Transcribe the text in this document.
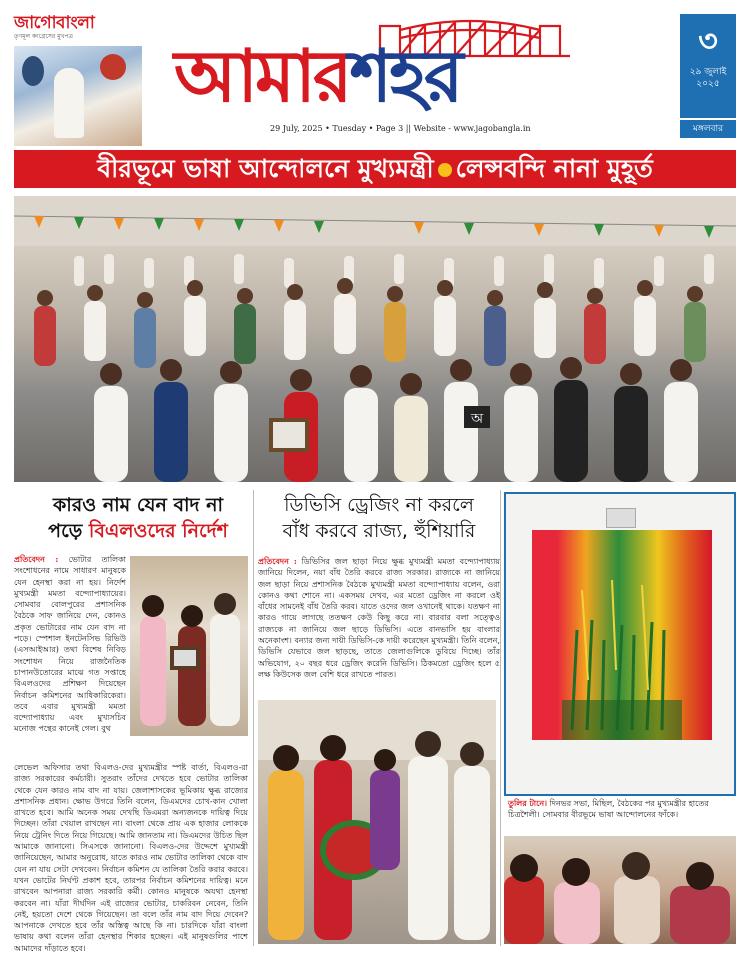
জাগোবাংলা
তৃণমূল কংগ্রেসের মুখপত্র	আমারশহর
29 July, 2025 • Tuesday • Page 3 || Website - www.jagobangla.in
৩
২৯ জুলাই
২০২৫
মঙ্গলবার
বীরভূমে ভাষা আন্দোলনে মুখ্যমন্ত্রী লেন্সবন্দি নানা মুহূর্ত
অ
কারও নাম যেন বাদ না
পড়ে বিএলওদের নির্দেশ
প্রতিবেদন : ভোটার তালিকা সংশোধনের নামে সাধারণ মানুষকে যেন হেনস্থা করা না হয়। নির্দেশ মুখ্যমন্ত্রী মমতা বন্দ্যোপাধ্যায়ের। সোমবার বোলপুরের প্রশাসনিক বৈঠকে সাফ জানিয়ে দেন, কোনও প্রকৃত ভোটারের নাম যেন বাদ না পড়ে। স্পেশাল ইনটেনসিভ রিভিউ (এসআইআর) তথা বিশেষ নিবিড় সংশোধন নিয়ে রাজনৈতিক চাপানউতোরের মাঝে গত সপ্তাহে বিএলওদের প্রশিক্ষণ দিয়েছেন নির্বাচন কমিশনের আধিকারিকেরা। তবে এবার মুখ্যমন্ত্রী মমতা বন্দ্যোপাধ্যায় এবং মুখ্যসচিব মনোজ পন্থের কানেই গেল। বুথ
লেভেল অফিসার তথা বিএলও-দের মুখ্যমন্ত্রীর স্পষ্ট বার্তা, বিএলও-রা রাজ্য সরকারের কর্মচারী। সুতরাং তাঁদের দেখতে হবে ভোটার তালিকা থেকে যেন কারও নাম বাদ না যায়। জেলাশাসকের ভূমিকায় ক্ষুব্ধ রাজ্যের প্রশাসনিক প্রধান। ক্ষোভ উগরে তিনি বলেন, ডিএমদের চোখ-কান খোলা রাখতে হবে। আমি অনেক সময় দেখছি ডিএমরা অন্যজনকে দায়িত্ব দিয়ে দিচ্ছেন। তাঁরা খেয়াল রাখছেন না। বাংলা থেকে প্রায় এক হাজার লোককে নিয়ে ট্রেনিং দিতে নিয়ে গিয়েছে। আমি জানতাম না। ডিএমদের উচিত ছিল আমাকে জানানো। সিএসকে জানানো। বিএলও-দের উদ্দেশে মুখ্যমন্ত্রী জানিয়েছেন, আমার অনুরোধ, যাতে কারও নাম ভোটার তালিকা থেকে বাদ যেন না যায় সেটা দেখবেন। নির্বাচন কমিশন যে তালিকা তৈরি করার করবে। যখন ভোটের নির্ঘণ্ট প্রকাশ হবে, তারপর নির্বাচন কমিশনের দায়িত্ব। মনে রাখবেন আপনারা রাজ্য সরকারি কর্মী। কোনও মানুষকে অযথা হেনস্থা করবেন না। যাঁরা দীর্ঘদিন এই রাজ্যের ভোটার, চাকরিবন নেবেন, তিনি নেই, হয়তো দেশে থেকে গিয়েছেন। তা বলে তাঁর নাম বাদ দিয়ে দেবেন? আপনাকে দেখতে হবে তাঁর অস্তিত্ব আছে কি না। চারদিকে যাঁরা বাংলা ভাষায় কথা বলেন তাঁরা হেনস্থার শিকার হচ্ছেন। এই মানুষগুলির পাশে আমাদের দাঁড়াতে হবে।
ডিভিসি ড্রেজিং না করলে
বাঁধ করবে রাজ্য, হুঁশিয়ারি
প্রতিবেদন : ডিভিসির জল ছাড়া নিয়ে ক্ষুব্ধ মুখ্যমন্ত্রী মমতা বন্দ্যোপাধ্যায় জানিয়ে দিলেন, নয়া বাঁধ তৈরি করবে রাজ্য সরকার। রাজ্যকে না জানিয়ে জল ছাড়া নিয়ে প্রশাসনিক বৈঠকে মুখ্যমন্ত্রী মমতা বন্দ্যোপাধ্যায় বলেন, ওরা কোনও কথা শোনে না। একসময় দেখব, এর মতো ড্রেজিং না করলে ওই বাঁধের সামনেই বাঁধ তৈরি করব। যাতে ওদের জল ওখানেই থাকে। যতক্ষণ না কারও গায়ে লাগছে ততক্ষণ কেউ কিছু করে না। বারবার বলা সত্ত্বেও রাজ্যকে না জানিয়ে জল ছাড়ে ডিভিসি। এতে বানভাসি হয় বাংলার অনেকাংশ। বন্যার জন্য দায়ী ডিভিসি-কে দায়ী করেছেন মুখ্যমন্ত্রী। তিনি বলেন, ডিভিসি যেভাবে জল ছাড়ছে, তাতে জেলাগুলিকে ডুবিয়ে দিচ্ছে। তাঁর অভিযোগ, ২০ বছর ধরে ড্রেজিং করেনি ডিভিসি। ঠিকমতো ড্রেজিং হলে ৫ লক্ষ কিউসেক জল বেশি ধরে রাখতে পারত।
তুলির টানে। দিনভর সভা, মিছিল, বৈঠকের পর মুখ্যমন্ত্রীর হাতের চিত্রশৈলী। সোমবার বীরভূমে ভাষা আন্দোলনের ফাঁকে।
